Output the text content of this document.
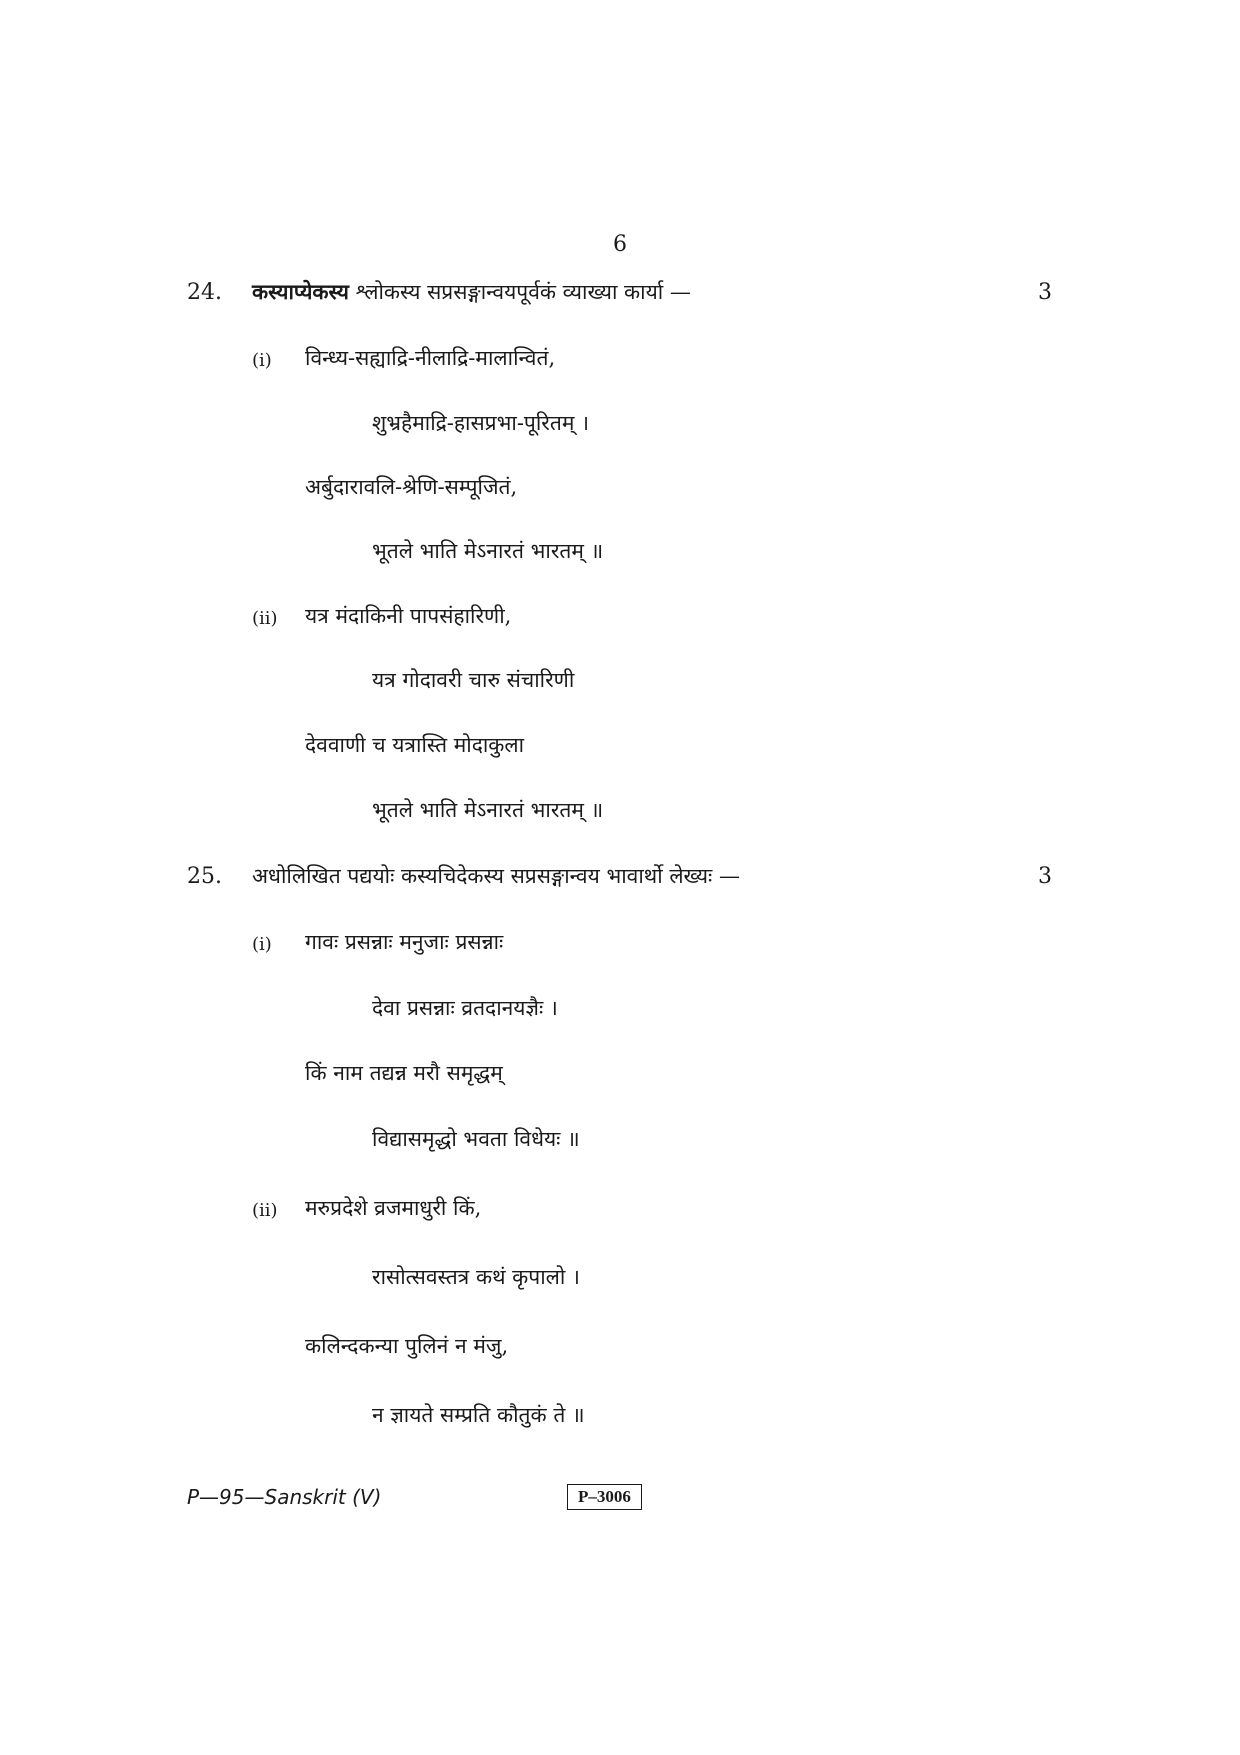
6
24. कस्याप्येकस्य श्लोकस्य सप्रसङ्गान्वयपूर्वकं व्याख्या कार्या —	3
(i) विन्ध्य-सह्याद्रि-नीलाद्रि-मालान्वितं,
शुभ्रहैमाद्रि-हासप्रभा-पूरितम् ।
अर्बुदारावलि-श्रेणि-सम्पूजितं,
भूतले भाति मेऽनारतं भारतम् ॥
(ii) यत्र मंदाकिनी पापसंहारिणी,
यत्र गोदावरी चारु संचारिणी
देववाणी च यत्रास्ति मोदाकुला
भूतले भाति मेऽनारतं भारतम् ॥
25. अधोलिखित पद्ययोः कस्यचिदेकस्य सप्रसङ्गान्वय भावार्थो लेख्यः —	3
(i) गावः प्रसन्नाः मनुजाः प्रसन्नाः
देवा प्रसन्नाः व्रतदानयज्ञैः ।
किं नाम तद्यन्न मरौ समृद्धम्
विद्यासमृद्धो भवता विधेयः ॥
(ii) मरुप्रदेशे व्रजमाधुरी किं,
रासोत्सवस्तत्र कथं कृपालो ।
कलिन्दकन्या पुलिनं न मंजु,
न ज्ञायते सम्प्रति कौतुकं ते ॥
P—95—Sanskrit (V)	P–3006
